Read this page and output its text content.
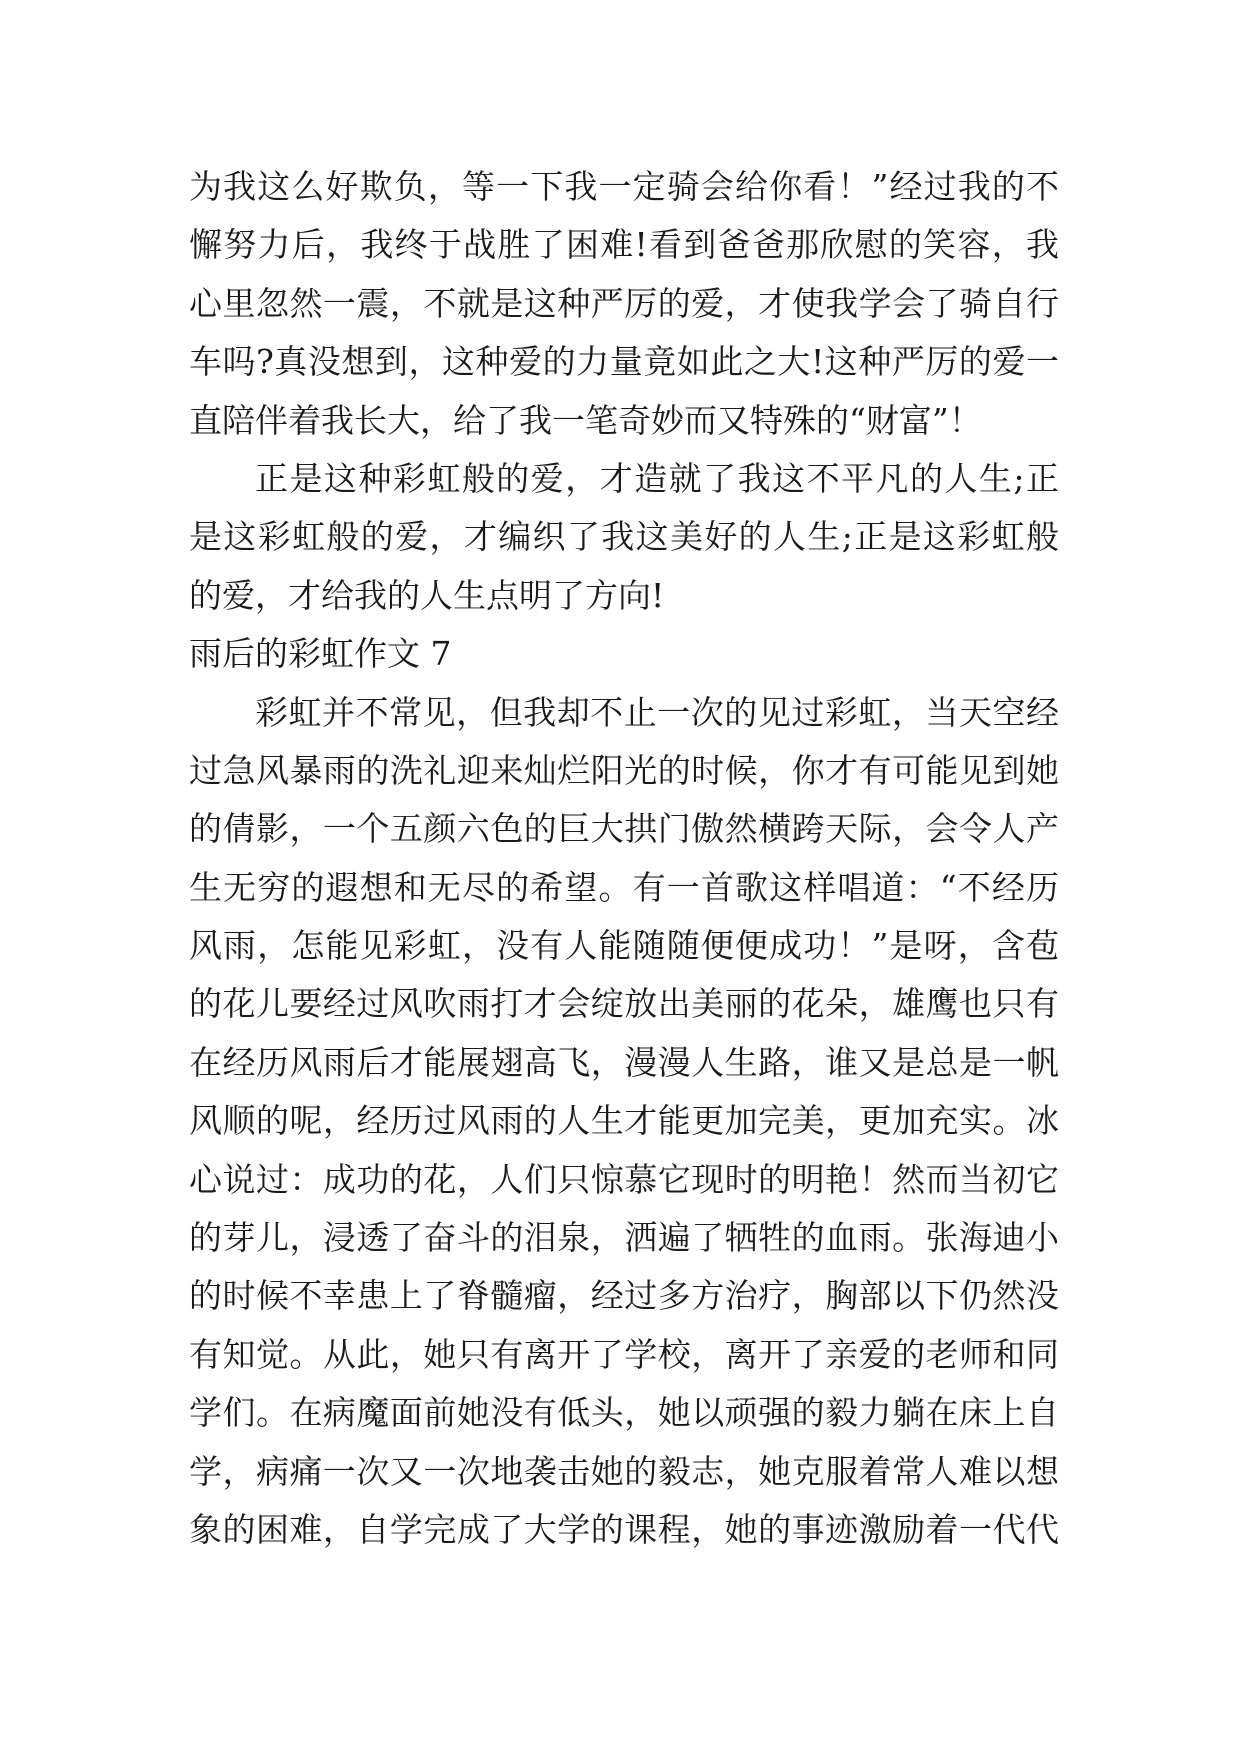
为我这么好欺负，等一下我一定骑会给你看！”经过我的不
懈努力后，我终于战胜了困难!看到爸爸那欣慰的笑容，我
心里忽然一震，不就是这种严厉的爱，才使我学会了骑自行
车吗?真没想到，这种爱的力量竟如此之大!这种严厉的爱一
直陪伴着我长大，给了我一笔奇妙而又特殊的“财富”！
正是这种彩虹般的爱，才造就了我这不平凡的人生;正
是这彩虹般的爱，才编织了我这美好的人生;正是这彩虹般
的爱，才给我的人生点明了方向!
雨后的彩虹作文 7
彩虹并不常见，但我却不止一次的见过彩虹，当天空经
过急风暴雨的洗礼迎来灿烂阳光的时候，你才有可能见到她
的倩影，一个五颜六色的巨大拱门傲然横跨天际，会令人产
生无穷的遐想和无尽的希望。有一首歌这样唱道：“不经历
风雨，怎能见彩虹，没有人能随随便便成功！”是呀，含苞
的花儿要经过风吹雨打才会绽放出美丽的花朵，雄鹰也只有
在经历风雨后才能展翅高飞，漫漫人生路，谁又是总是一帆
风顺的呢，经历过风雨的人生才能更加完美，更加充实。冰
心说过：成功的花，人们只惊慕它现时的明艳！然而当初它
的芽儿，浸透了奋斗的泪泉，洒遍了牺牲的血雨。张海迪小
的时候不幸患上了脊髓瘤，经过多方治疗，胸部以下仍然没
有知觉。从此，她只有离开了学校，离开了亲爱的老师和同
学们。在病魔面前她没有低头，她以顽强的毅力躺在床上自
学，病痛一次又一次地袭击她的毅志，她克服着常人难以想
象的困难，自学完成了大学的课程，她的事迹激励着一代代
